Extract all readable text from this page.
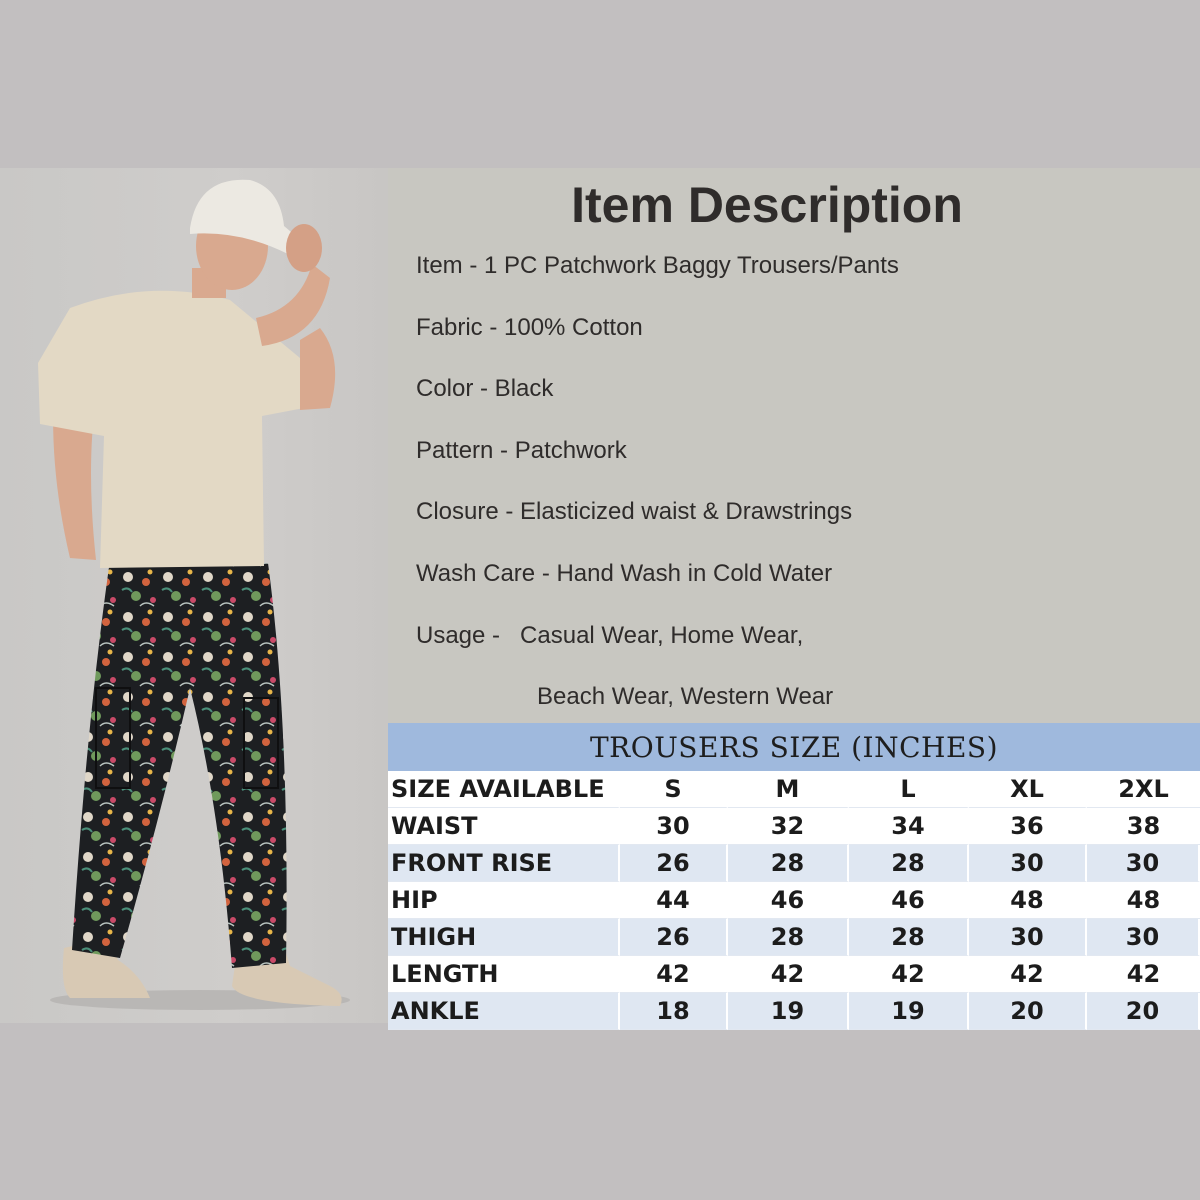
Item Description
Item - 1 PC Patchwork Baggy Trousers/Pants
Fabric - 100% Cotton
Color - Black
Pattern - Patchwork
Closure - Elasticized waist & Drawstrings
Wash Care - Hand Wash in Cold Water
Usage -   Casual Wear, Home Wear,
Beach Wear, Western Wear
TROUSERS SIZE (INCHES)
SIZE AVAILABLE	S	M	L	XL	2XL
WAIST	30	32	34	36	38
FRONT RISE	26	28	28	30	30
HIP	44	46	46	48	48
THIGH	26	28	28	30	30
LENGTH	42	42	42	42	42
ANKLE	18	19	19	20	20
